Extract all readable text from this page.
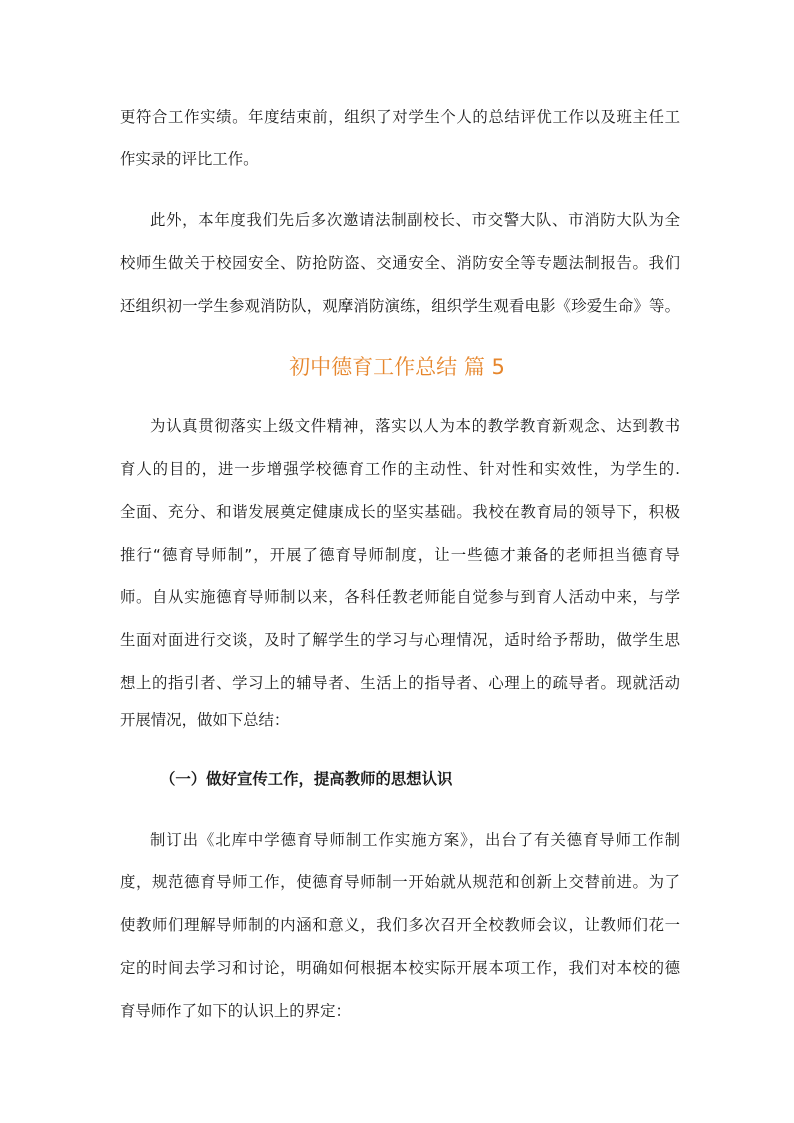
更符合工作实绩。年度结束前，组织了对学生个人的总结评优工作以及班主任工
作实录的评比工作。
此外，本年度我们先后多次邀请法制副校长、市交警大队、市消防大队为全
校师生做关于校园安全、防抢防盗、交通安全、消防安全等专题法制报告。我们
还组织初一学生参观消防队，观摩消防演练，组织学生观看电影《珍爱生命》等。
初中德育工作总结 篇 5
为认真贯彻落实上级文件精神，落实以人为本的教学教育新观念、达到教书
育人的目的，进一步增强学校德育工作的主动性、针对性和实效性，为学生的.
全面、充分、和谐发展奠定健康成长的坚实基础。我校在教育局的领导下，积极
推行“德育导师制”，开展了德育导师制度，让一些德才兼备的老师担当德育导
师。自从实施德育导师制以来，各科任教老师能自觉参与到育人活动中来，与学
生面对面进行交谈，及时了解学生的学习与心理情况，适时给予帮助，做学生思
想上的指引者、学习上的辅导者、生活上的指导者、心理上的疏导者。现就活动
开展情况，做如下总结：
（一）做好宣传工作，提高教师的思想认识
制订出《北库中学德育导师制工作实施方案》，出台了有关德育导师工作制
度，规范德育导师工作，使德育导师制一开始就从规范和创新上交替前进。为了
使教师们理解导师制的内涵和意义，我们多次召开全校教师会议，让教师们花一
定的时间去学习和讨论，明确如何根据本校实际开展本项工作，我们对本校的德
育导师作了如下的认识上的界定：
